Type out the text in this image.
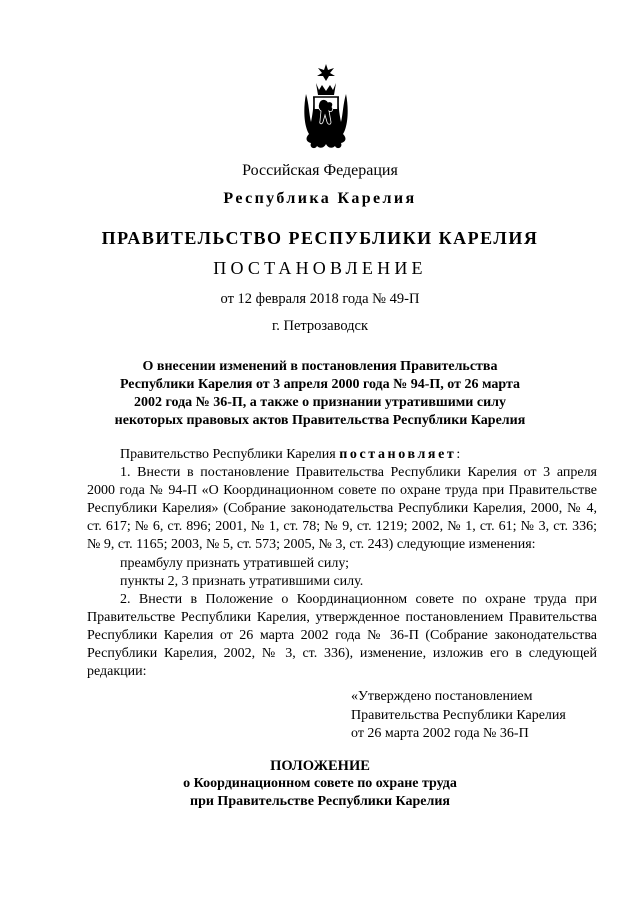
Российская Федерация
Республика Карелия
ПРАВИТЕЛЬСТВО РЕСПУБЛИКИ КАРЕЛИЯ
ПОСТАНОВЛЕНИЕ
от 12 февраля 2018 года № 49-П
г. Петрозаводск
О внесении изменений в постановления Правительства
Республики Карелия от 3 апреля 2000 года № 94-П, от 26 марта
2002 года № 36-П, а также о признании утратившими силу
некоторых правовых актов Правительства Республики Карелия

Правительство Республики Карелия постановляет:

1. Внести в постановление Правительства Республики Карелия от 3 апреля 2000 года № 94-П «О Координационном совете по охране труда при Правительстве Республики Карелия» (Собрание законодательства Республики Карелия, 2000, № 4, ст. 617; № 6, ст. 896; 2001, № 1, ст. 78; № 9, ст. 1219; 2002, № 1, ст. 61; № 3, ст. 336; № 9, ст. 1165; 2003, № 5, ст. 573; 2005, № 3, ст. 243) следующие изменения:

преамбулу признать утратившей силу;

пункты 2, 3 признать утратившими силу.

2. Внести в Положение о Координационном совете по охране труда при Правительстве Республики Карелия, утвержденное постановлением Правительства Республики Карелия от 26 марта 2002 года № 36-П (Собрание законодательства Республики Карелия, 2002, № 3, ст. 336), изменение, изложив его в следующей редакции:

«Утверждено постановлением
Правительства Республики Карелия
от 26 марта 2002 года № 36-П
ПОЛОЖЕНИЕ
о Координационном совете по охране труда
при Правительстве Республики Карелия
